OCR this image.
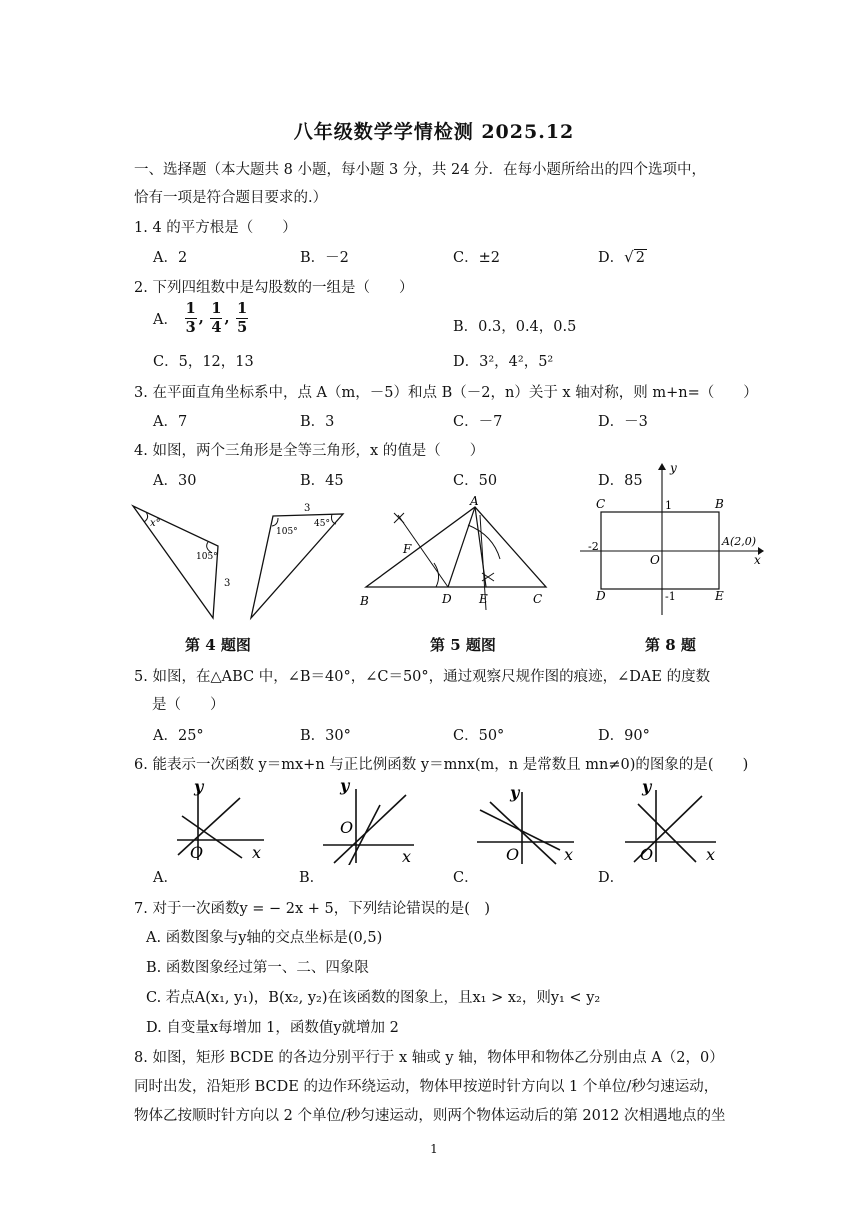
八年级数学学情检测 2025.12
一、选择题（本大题共 8 小题，每小题 3 分，共 24 分．在每小题所给出的四个选项中，
恰有一项是符合题目要求的.）
1. 4 的平方根是（　　）
A．2	B．－2	C．±2	D．√ 2
2. 下列四组数中是勾股数的一组是（　　）
A． $\frac{1}{3}$ , $\frac{1}{4}$ , $\frac{1}{5}$	B．0.3，0.4，0.5
C．5，12，13	D．3²，4²，5²
3. 在平面直角坐标系中，点 A（m，－5）和点 B（－2，n）关于 x 轴对称，则 m+n=（　　）
A．7	B．3	C．－7	D．－3
4. 如图，两个三角形是全等三角形，x 的值是（　　）
A．30	B．45	C．50	D．85
x°
105°
3
105°
45°
3
A
B	C
D E
F
y
x
C	B
D	E
O
1
-1
-2	A(2,0)
第 4 题图	第 5 题图	第 8 题
5. 如图，在△ABC 中，∠B＝40°，∠C＝50°，通过观察尺规作图的痕迹，∠DAE 的度数
是（　　）
A．25°	B．30°	C．50°	D．90°
6. 能表示一次函数 y＝mx+n 与正比例函数 y＝mnx(m，n 是常数且 mn≠0)的图象的是(　　)
A．
y
x
O
B．
y
x
O
C．
y
x
O
D．
y
x
O
7. 对于一次函数y = − 2x + 5，下列结论错误的是(　)
A. 函数图象与y轴的交点坐标是(0,5)
B. 函数图象经过第一、二、四象限
C. 若点A(x₁, y₁)，B(x₂, y₂)在该函数的图象上，且x₁ > x₂，则y₁ < y₂
D. 自变量x每增加 1，函数值y就增加 2
8. 如图，矩形 BCDE 的各边分别平行于 x 轴或 y 轴，物体甲和物体乙分别由点 A（2，0）
同时出发，沿矩形 BCDE 的边作环绕运动，物体甲按逆时针方向以 1 个单位/秒匀速运动，
物体乙按顺时针方向以 2 个单位/秒匀速运动，则两个物体运动后的第 2012 次相遇地点的坐
1
